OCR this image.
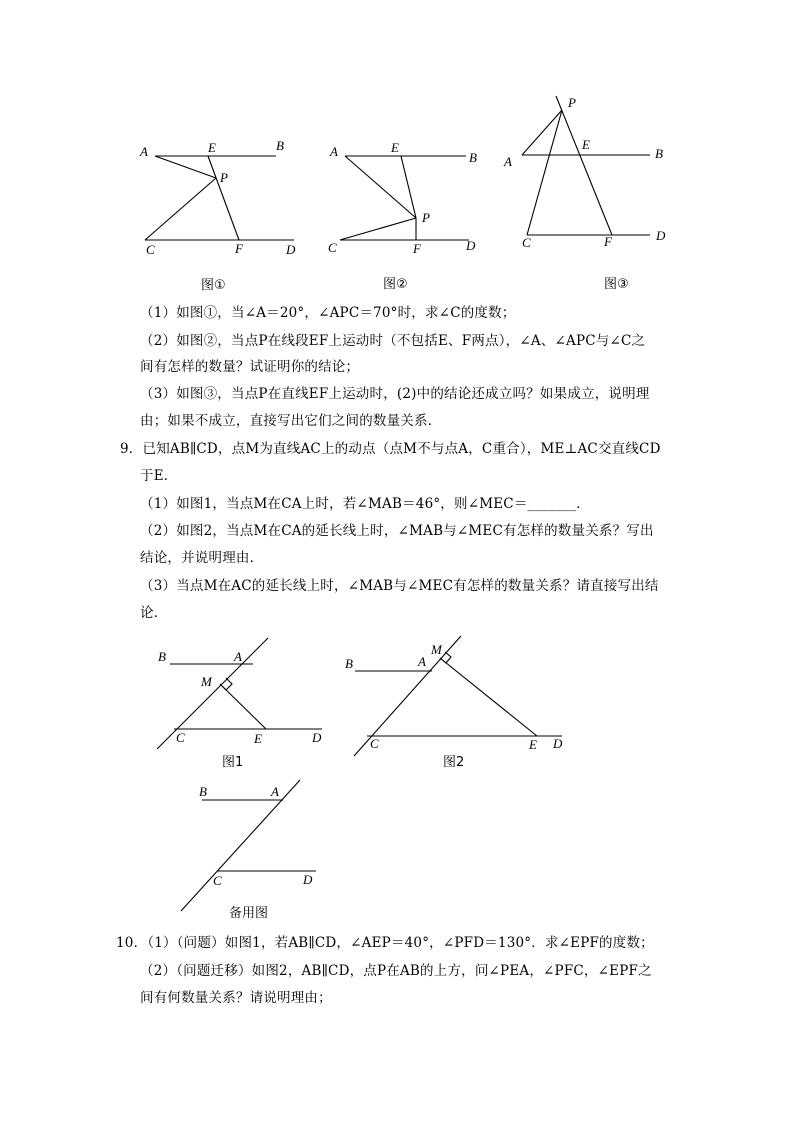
A	E	B
P
C	F	D
图①
A	E
B
P
C	F	D
图②
P
E
A
B
C	F	D
图③
（1）如图①，当∠A＝20°，∠APC＝70°时，求∠C的度数；
（2）如图②，当点P在线段EF上运动时（不包括E、F两点），∠A、∠APC与∠C之
间有怎样的数量？试证明你的结论；
（3）如图③，当点P在直线EF上运动时，(2)中的结论还成立吗？如果成立，说明理
由；如果不成立，直接写出它们之间的数量关系．
9．已知AB∥CD，点M为直线AC上的动点（点M不与点A，C重合），ME⊥AC交直线CD
于E．
（1）如图1，当点M在CA上时，若∠MAB＝46°，则∠MEC＝_______．
（2）如图2，当点M在CA的延长线上时，∠MAB与∠MEC有怎样的数量关系？写出
结论，并说明理由．
（3）当点M在AC的延长线上时，∠MAB与∠MEC有怎样的数量关系？请直接写出结
论．
B	A
M
C	E	D
图1
B	A
M
C	E D
图2
B	A
C	D
备用图
10．（1）（问题）如图1，若AB∥CD，∠AEP＝40°，∠PFD＝130°．求∠EPF的度数；
（2）（问题迁移）如图2，AB∥CD，点P在AB的上方，问∠PEA，∠PFC，∠EPF之
间有何数量关系？请说明理由；
